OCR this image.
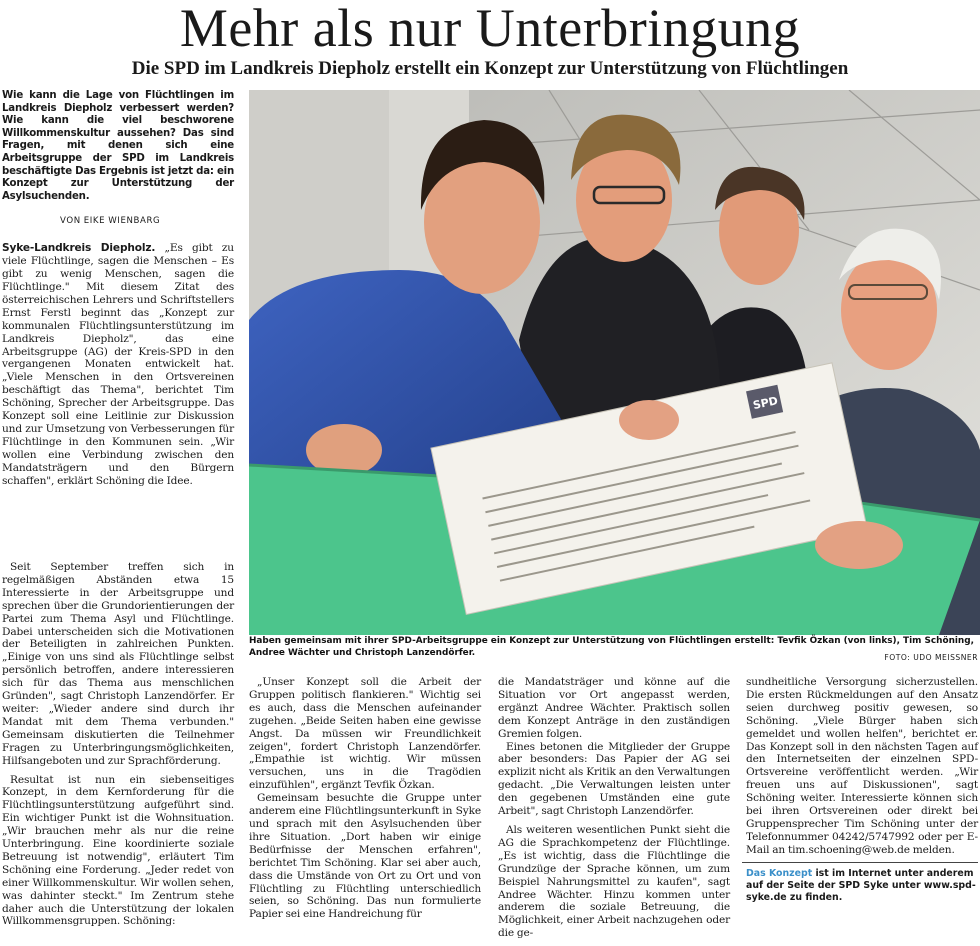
Mehr als nur Unterbringung
Die SPD im Landkreis Diepholz erstellt ein Konzept zur Unterstützung von Flüchtlingen

Wie kann die Lage von Flüchtlingen im Landkreis Diepholz verbessert werden? Wie kann die viel beschworene Willkommenskultur aussehen? Das sind Fragen, mit denen sich eine Arbeitsgruppe der SPD im Landkreis beschäftigte Das Ergebnis ist jetzt da: ein Konzept zur Unterstützung der Asylsuchenden.

VON EIKE WIENBARG

Syke-Landkreis Diepholz. „Es gibt zu viele Flüchtlinge, sagen die Menschen – Es gibt zu wenig Menschen, sagen die Flüchtlinge." Mit diesem Zitat des österreichischen Lehrers und Schriftstellers Ernst Ferstl beginnt das „Konzept zur kommunalen Flüchtlingsunterstützung im Landkreis Diepholz", das eine Arbeitsgruppe (AG) der Kreis-SPD in den vergangenen Monaten entwickelt hat. „Viele Menschen in den Ortsvereinen beschäftigt das Thema", berichtet Tim Schöning, Sprecher der Arbeitsgruppe. Das Konzept soll eine Leitlinie zur Diskussion und zur Umsetzung von Verbesserungen für Flüchtlinge in den Kommunen sein. „Wir wollen eine Verbindung zwischen den Mandatsträgern und den Bürgern schaffen", erklärt Schöning die Idee.

Seit September treffen sich in regelmäßigen Abständen etwa 15 Interessierte in der Arbeitsgruppe und sprechen über die Grundorientierungen der Partei zum Thema Asyl und Flüchtlinge. Dabei unterscheiden sich die Motivationen der Beteiligten in zahlreichen Punkten. „Einige von uns sind als Flüchtlinge selbst persönlich betroffen, andere interessieren sich für das Thema aus menschlichen Gründen", sagt Christoph Lanzendörfer. Er weiter: „Wieder andere sind durch ihr Mandat mit dem Thema verbunden." Gemeinsam diskutierten die Teilnehmer Fragen zu Unterbringungsmöglichkeiten, Hilfsangeboten und zur Sprachförderung.

Resultat ist nun ein siebenseitiges Konzept, in dem Kernforderung für die Flüchtlingsunterstützung aufgeführt sind. Ein wichtiger Punkt ist die Wohnsituation. „Wir brauchen mehr als nur die reine Unterbringung. Eine koordinierte soziale Betreuung ist notwendig", erläutert Tim Schöning eine Forderung. „Jeder redet von einer Willkommenskultur. Wir wollen sehen, was dahinter steckt." Im Zentrum stehe daher auch die Unterstützung der lokalen Willkommensgruppen. Schöning:

SPD
Haben gemeinsam mit ihrer SPD-Arbeitsgruppe ein Konzept zur Unterstützung von Flüchtlingen erstellt: Tevfik Özkan (von links), Tim Schöning, Andree Wächter und Christoph Lanzendörfer.	FOTO: UDO MEISSNER

„Unser Konzept soll die Arbeit der Gruppen politisch flankieren." Wichtig sei es auch, dass die Menschen aufeinander zugehen. „Beide Seiten haben eine gewisse Angst. Da müssen wir Freundlichkeit zeigen", fordert Christoph Lanzendörfer. „Empathie ist wichtig. Wir müssen versuchen, uns in die Tragödien einzufühlen", ergänzt Tevfik Özkan.

Gemeinsam besuchte die Gruppe unter anderem eine Flüchtlingsunterkunft in Syke und sprach mit den Asylsuchenden über ihre Situation. „Dort haben wir einige Bedürfnisse der Menschen erfahren", berichtet Tim Schöning. Klar sei aber auch, dass die Umstände von Ort zu Ort und von Flüchtling zu Flüchtling unterschiedlich seien, so Schöning. Das nun formulierte Papier sei eine Handreichung für

die Mandatsträger und könne auf die Situation vor Ort angepasst werden, ergänzt Andree Wächter. Praktisch sollen dem Konzept Anträge in den zuständigen Gremien folgen.

Eines betonen die Mitglieder der Gruppe aber besonders: Das Papier der AG sei explizit nicht als Kritik an den Verwaltungen gedacht. „Die Verwaltungen leisten unter den gegebenen Umständen eine gute Arbeit", sagt Christoph Lanzendörfer.

Als weiteren wesentlichen Punkt sieht die AG die Sprachkompetenz der Flüchtlinge. „Es ist wichtig, dass die Flüchtlinge die Grundzüge der Sprache können, um zum Beispiel Nahrungsmittel zu kaufen", sagt Andree Wächter. Hinzu kommen unter anderem die soziale Betreuung, die Möglichkeit, einer Arbeit nachzugehen oder die ge-

sundheitliche Versorgung sicherzustellen. Die ersten Rückmeldungen auf den Ansatz seien durchweg positiv gewesen, so Schöning. „Viele Bürger haben sich gemeldet und wollen helfen", berichtet er. Das Konzept soll in den nächsten Tagen auf den Internetseiten der einzelnen SPD-Ortsvereine veröffentlicht werden. „Wir freuen uns auf Diskussionen", sagt Schöning weiter. Interessierte können sich bei ihren Ortsvereinen oder direkt bei Gruppensprecher Tim Schöning unter der Telefonnummer 04242/5747992 oder per E-Mail an tim.schoening@web.de melden.

Das Konzept ist im Internet unter anderem auf der Seite der SPD Syke unter www.spd-syke.de zu finden.
